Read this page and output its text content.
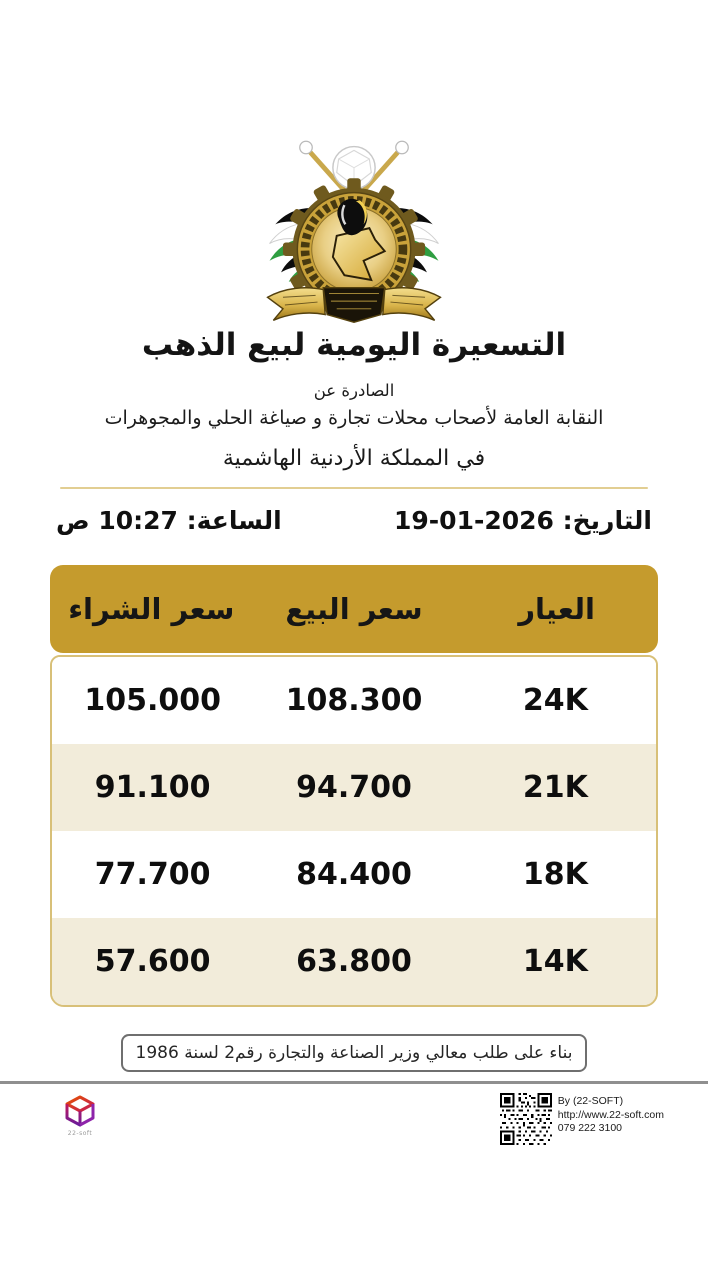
التسعيرة اليومية لبيع الذهب
الصادرة عن
النقابة العامة لأصحاب محلات تجارة و صياغة الحلي والمجوهرات
في المملكة الأردنية الهاشمية
التاريخ: 19-01-2026
الساعة: 10:27 ص
العيار
سعر البيع
سعر الشراء
24K
108.300
105.000
21K
94.700
91.100
18K
84.400
77.700
14K
63.800
57.600
بناء على طلب معالي وزير الصناعة والتجارة رقم2 لسنة 1986
22-soft
By (22-SOFT)
http://www.22-soft.com
079 222 3100
